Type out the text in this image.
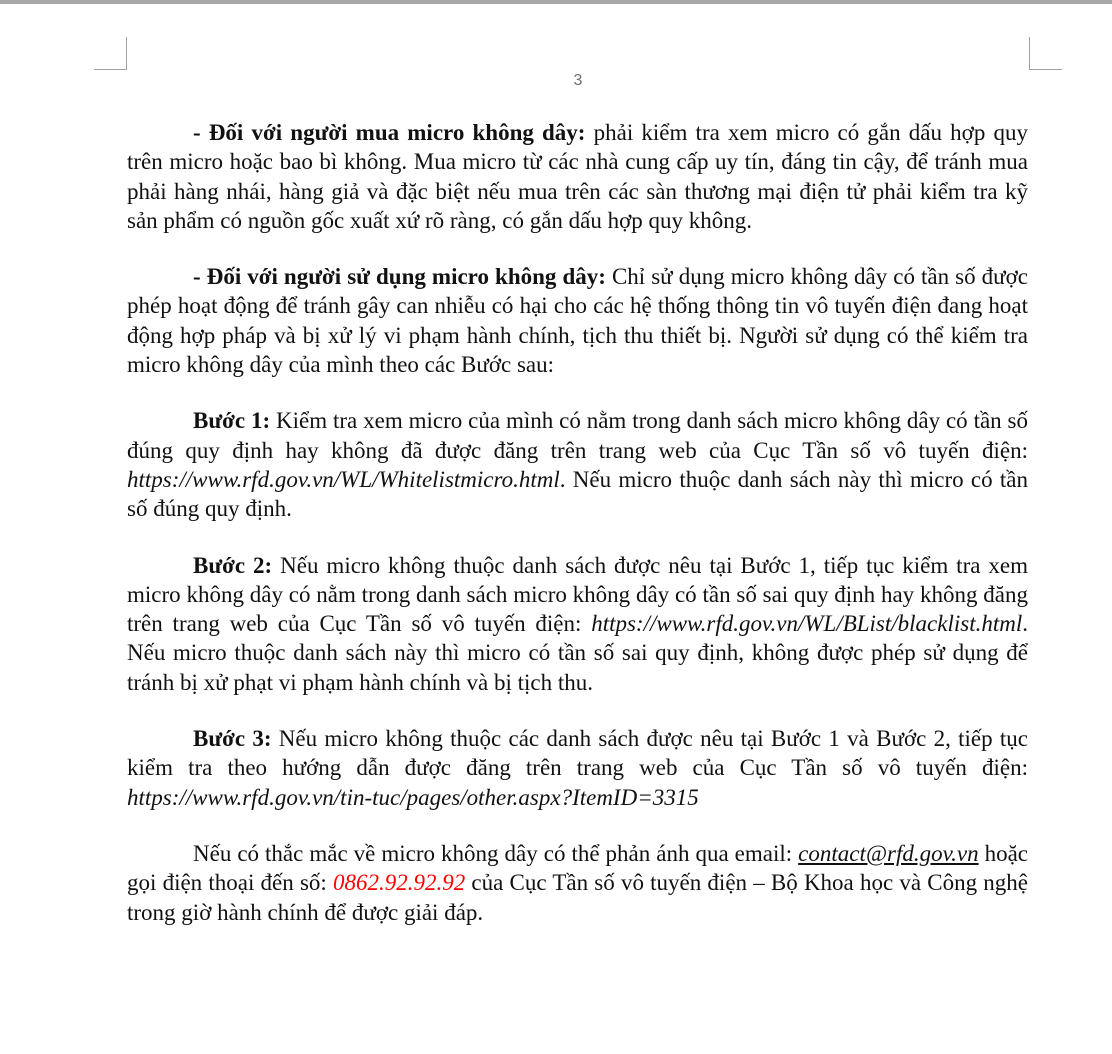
3

- Đối với người mua micro không dây: phải kiểm tra xem micro có gắn dấu hợp quy trên micro hoặc bao bì không. Mua micro từ các nhà cung cấp uy tín, đáng tin cậy, để tránh mua phải hàng nhái, hàng giả và đặc biệt nếu mua trên các sàn thương mại điện tử phải kiểm tra kỹ sản phẩm có nguồn gốc xuất xứ rõ ràng, có gắn dấu hợp quy không.

- Đối với người sử dụng micro không dây: Chỉ sử dụng micro không dây có tần số được phép hoạt động để tránh gây can nhiễu có hại cho các hệ thống thông tin vô tuyến điện đang hoạt động hợp pháp và bị xử lý vi phạm hành chính, tịch thu thiết bị. Người sử dụng có thể kiểm tra micro không dây của mình theo các Bước sau:

Bước 1: Kiểm tra xem micro của mình có nằm trong danh sách micro không dây có tần số đúng quy định hay không đã được đăng trên trang web của Cục Tần số vô tuyến điện: https://www.rfd.gov.vn/WL/Whitelistmicro.html. Nếu micro thuộc danh sách này thì micro có tần số đúng quy định.

Bước 2: Nếu micro không thuộc danh sách được nêu tại Bước 1, tiếp tục kiểm tra xem micro không dây có nằm trong danh sách micro không dây có tần số sai quy định hay không đăng trên trang web của Cục Tần số vô tuyến điện: https://www.rfd.gov.vn/WL/BList/blacklist.html. Nếu micro thuộc danh sách này thì micro có tần số sai quy định, không được phép sử dụng để tránh bị xử phạt vi phạm hành chính và bị tịch thu.

Bước 3: Nếu micro không thuộc các danh sách được nêu tại Bước 1 và Bước 2, tiếp tục kiểm tra theo hướng dẫn được đăng trên trang web của Cục Tần số vô tuyến điện: https://www.rfd.gov.vn/tin-tuc/pages/other.aspx?ItemID=3315

Nếu có thắc mắc về micro không dây có thể phản ánh qua email: contact@rfd.gov.vn hoặc gọi điện thoại đến số: 0862.92.92.92 của Cục Tần số vô tuyến điện – Bộ Khoa học và Công nghệ trong giờ hành chính để được giải đáp.
